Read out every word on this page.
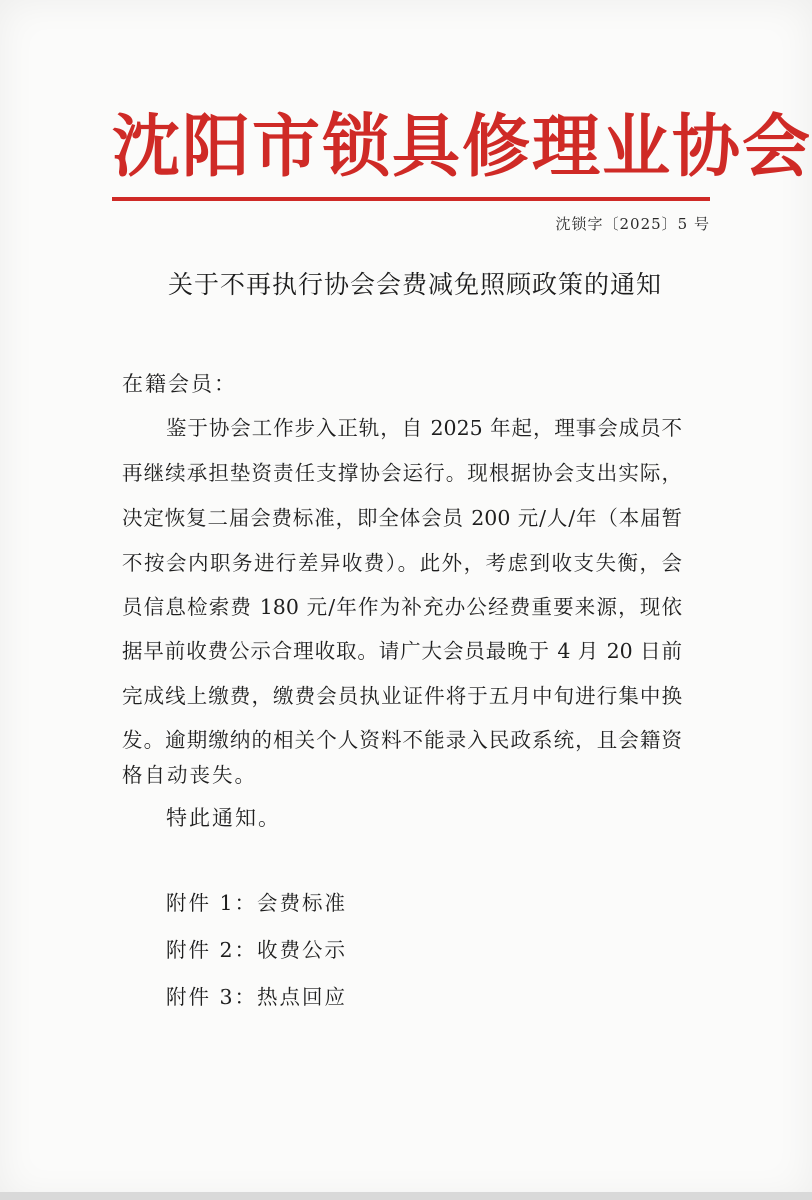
沈阳市锁具修理业协会
沈锁字〔2025〕5 号
关于不再执行协会会费减免照顾政策的通知
在籍会员：
鉴于协会工作步入正轨，自 2025 年起，理事会成员不
再继续承担垫资责任支撑协会运行。现根据协会支出实际，
决定恢复二届会费标准，即全体会员 200 元/人/年（本届暂
不按会内职务进行差异收费）。此外，考虑到收支失衡，会
员信息检索费 180 元/年作为补充办公经费重要来源，现依
据早前收费公示合理收取。请广大会员最晚于 4 月 20 日前
完成线上缴费，缴费会员执业证件将于五月中旬进行集中换
发。逾期缴纳的相关个人资料不能录入民政系统，且会籍资
格自动丧失。
特此通知。
附件 1：会费标准
附件 2：收费公示
附件 3：热点回应
